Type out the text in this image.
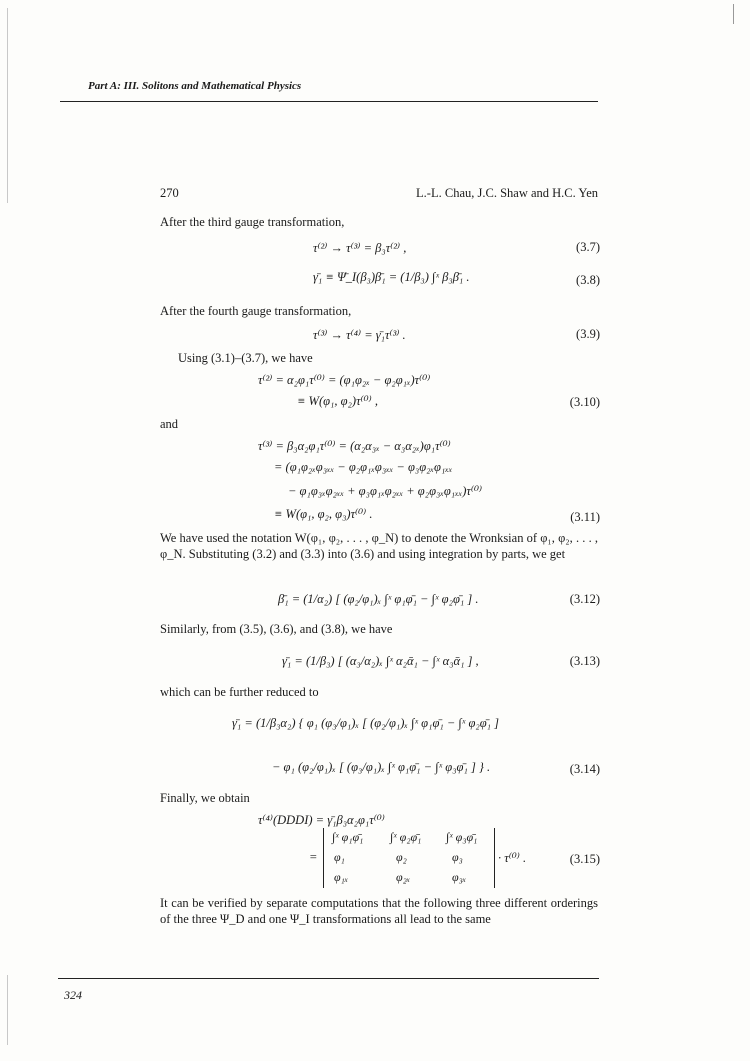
Part A: III. Solitons and Mathematical Physics
270	L.-L. Chau, J.C. Shaw and H.C. Yen
After the third gauge transformation,
τ⁽²⁾ → τ⁽³⁾ = β₃τ⁽²⁾ ,	(3.7)
γ̄₁ ≡ Ψ̄_I(β₃)β̄₁ = (1/β₃) ∫ˣ β₃β̄₁ .	(3.8)
After the fourth gauge transformation,
τ⁽³⁾ → τ⁽⁴⁾ = γ̄₁τ⁽³⁾ .	(3.9)
Using (3.1)–(3.7), we have
τ⁽²⁾ = α₂φ₁τ⁽⁰⁾ = (φ₁φ₂ₓ − φ₂φ₁ₓ)τ⁽⁰⁾
≡ W(φ₁, φ₂)τ⁽⁰⁾ ,	(3.10)
and
τ⁽³⁾ = β₃α₂φ₁τ⁽⁰⁾ = (α₂α₃ₓ − α₃α₂ₓ)φ₁τ⁽⁰⁾
= (φ₁φ₂ₓφ₃ₓₓ − φ₂φ₁ₓφ₃ₓₓ − φ₃φ₂ₓφ₁ₓₓ
− φ₁φ₃ₓφ₂ₓₓ + φ₃φ₁ₓφ₂ₓₓ + φ₂φ₃ₓφ₁ₓₓ)τ⁽⁰⁾
≡ W(φ₁, φ₂, φ₃)τ⁽⁰⁾ .	(3.11)
We have used the notation W(φ₁, φ₂, . . . , φ_N) to denote the Wronksian of φ₁, φ₂, . . . , φ_N. Substituting (3.2) and (3.3) into (3.6) and using integration by parts, we get
β̄₁ = (1/α₂) [ (φ₂/φ₁)ₓ ∫ˣ φ₁φ̄₁ − ∫ˣ φ₂φ̄₁ ] .	(3.12)
Similarly, from (3.5), (3.6), and (3.8), we have
γ̄₁ = (1/β₃) [ (α₃/α₂)ₓ ∫ˣ α₂ᾱ₁ − ∫ˣ α₃ᾱ₁ ] ,	(3.13)
which can be further reduced to
γ̄₁ = (1/β₃α₂) { φ₁ (φ₃/φ₁)ₓ [ (φ₂/φ₁)ₓ ∫ˣ φ₁φ̄₁ − ∫ˣ φ₂φ̄₁ ]
− φ₁ (φ₂/φ₁)ₓ [ (φ₃/φ₁)ₓ ∫ˣ φ₁φ̄₁ − ∫ˣ φ₃φ̄₁ ] } .	(3.14)
Finally, we obtain
τ⁽⁴⁾(DDDI) = γ̄₁β₃α₂φ₁τ⁽⁰⁾
=
∫ˣ φ₁φ̄₁ ∫ˣ φ₂φ̄₁ ∫ˣ φ₃φ̄₁
φ₁	φ₂	φ₃
φ₁ₓ	φ₂ₓ	φ₃ₓ
· τ⁽⁰⁾ .	(3.15)
It can be verified by separate computations that the following three different orderings of the three Ψ_D and one Ψ_I transformations all lead to the same
324
